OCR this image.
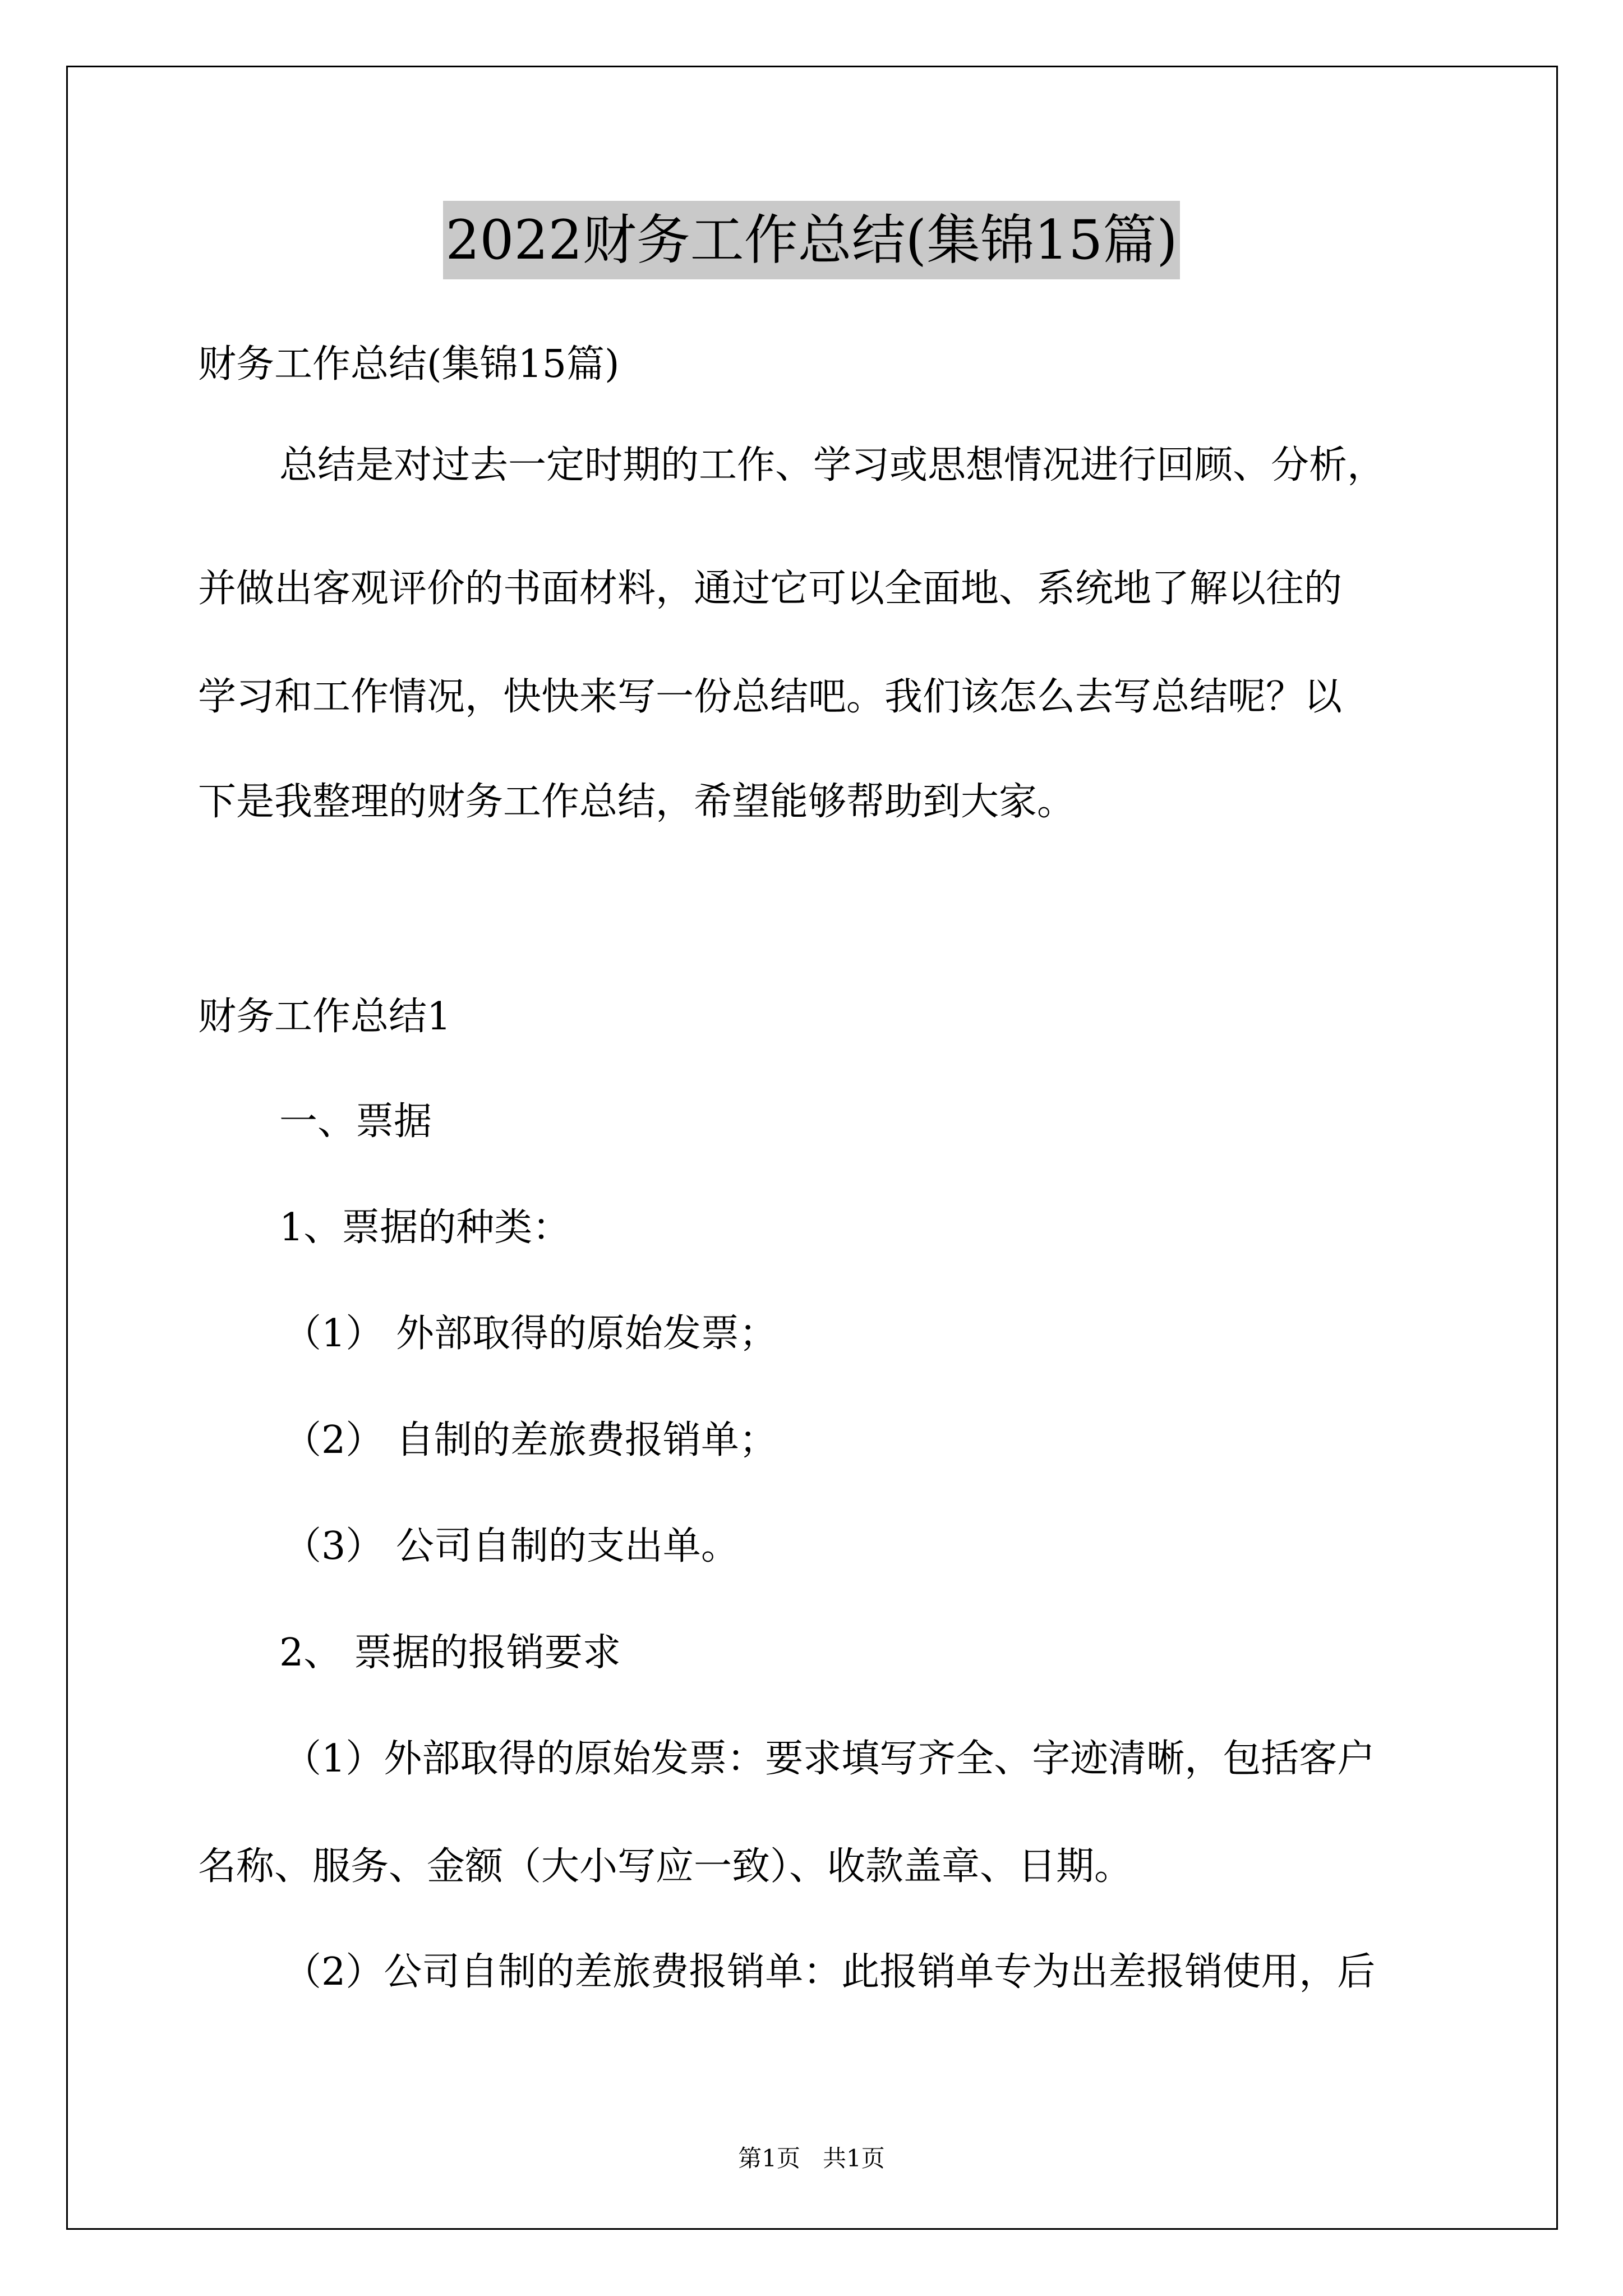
2022财务工作总结(集锦15篇)
财务工作总结(集锦15篇)
总结是对过去一定时期的工作、学习或思想情况进行回顾、分析，
并做出客观评价的书面材料，通过它可以全面地、系统地了解以往的
学习和工作情况，快快来写一份总结吧。我们该怎么去写总结呢？以
下是我整理的财务工作总结，希望能够帮助到大家。
财务工作总结1
一、票据
1、票据的种类：
（1） 外部取得的原始发票；
（2） 自制的差旅费报销单；
（3） 公司自制的支出单。
2、 票据的报销要求
（1）外部取得的原始发票：要求填写齐全、字迹清晰，包括客户
名称、服务、金额（大小写应一致）、收款盖章、日期。
（2）公司自制的差旅费报销单：此报销单专为出差报销使用，后
第1页   共1页
